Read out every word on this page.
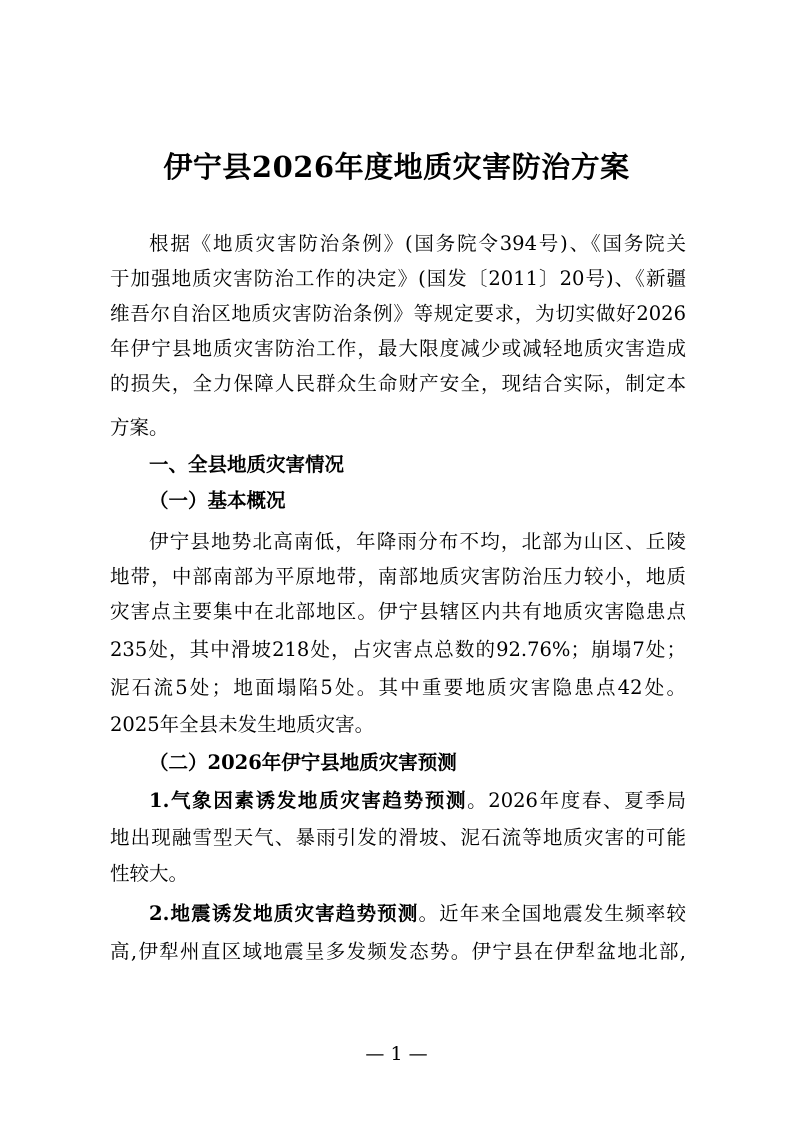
伊宁县2026年度地质灾害防治方案
根据《地质灾害防治条例》(国务院令394号)、《国务院关
于加强地质灾害防治工作的决定》(国发〔2011〕20号)、《新疆
维吾尔自治区地质灾害防治条例》等规定要求，为切实做好2026
年伊宁县地质灾害防治工作，最大限度减少或减轻地质灾害造成
的损失，全力保障人民群众生命财产安全，现结合实际，制定本
方案。
一、全县地质灾害情况
（一）基本概况
伊宁县地势北高南低，年降雨分布不均，北部为山区、丘陵
地带，中部南部为平原地带，南部地质灾害防治压力较小，地质
灾害点主要集中在北部地区。伊宁县辖区内共有地质灾害隐患点
235处，其中滑坡218处，占灾害点总数的92.76%；崩塌7处；
泥石流5处；地面塌陷5处。其中重要地质灾害隐患点42处。
2025年全县未发生地质灾害。
（二）2026年伊宁县地质灾害预测
1.气象因素诱发地质灾害趋势预测。2026年度春、夏季局
地出现融雪型天气、暴雨引发的滑坡、泥石流等地质灾害的可能
性较大。
2.地震诱发地质灾害趋势预测。近年来全国地震发生频率较
高,伊犁州直区域地震呈多发频发态势。伊宁县在伊犁盆地北部,
— 1 —
